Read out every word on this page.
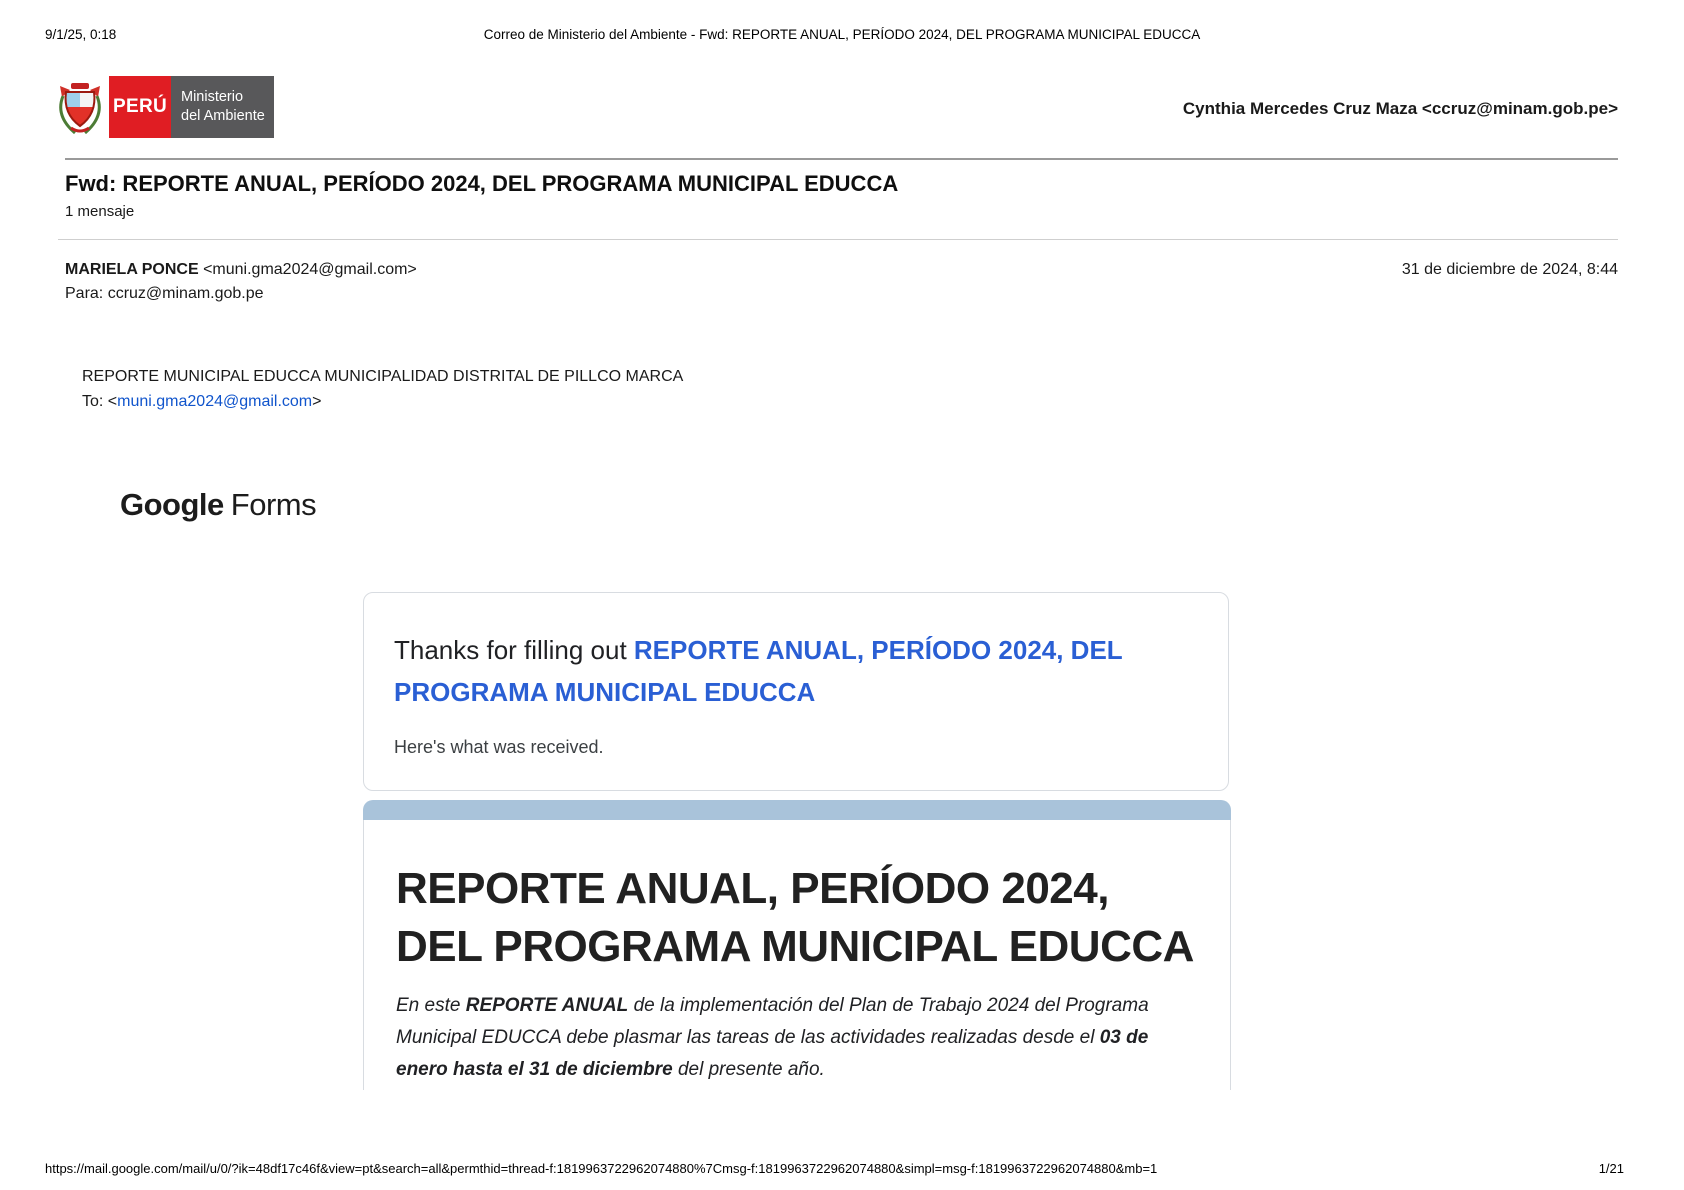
9/1/25, 0:18	Correo de Ministerio del Ambiente - Fwd: REPORTE ANUAL, PERÍODO 2024, DEL PROGRAMA MUNICIPAL EDUCCA
PERÚ Ministerio
del Ambiente	Cynthia Mercedes Cruz Maza <ccruz@minam.gob.pe>
Fwd: REPORTE ANUAL, PERÍODO 2024, DEL PROGRAMA MUNICIPAL EDUCCA
1 mensaje
MARIELA PONCE <muni.gma2024@gmail.com>	31 de diciembre de 2024, 8:44
Para: ccruz@minam.gob.pe
REPORTE MUNICIPAL EDUCCA MUNICIPALIDAD DISTRITAL DE PILLCO MARCA
To: <muni.gma2024@gmail.com>
Google Forms
Thanks for filling out REPORTE ANUAL, PERÍODO 2024, DEL PROGRAMA MUNICIPAL EDUCCA
Here's what was received.
REPORTE ANUAL, PERÍODO 2024, DEL PROGRAMA MUNICIPAL EDUCCA
En este REPORTE ANUAL de la implementación del Plan de Trabajo 2024 del Programa Municipal EDUCCA debe plasmar las tareas de las actividades realizadas desde el 03 de enero hasta el 31 de diciembre del presente año.
https://mail.google.com/mail/u/0/?ik=48df17c46f&view=pt&search=all&permthid=thread-f:1819963722962074880%7Cmsg-f:1819963722962074880&simpl=msg-f:1819963722962074880&mb=1	1/21
